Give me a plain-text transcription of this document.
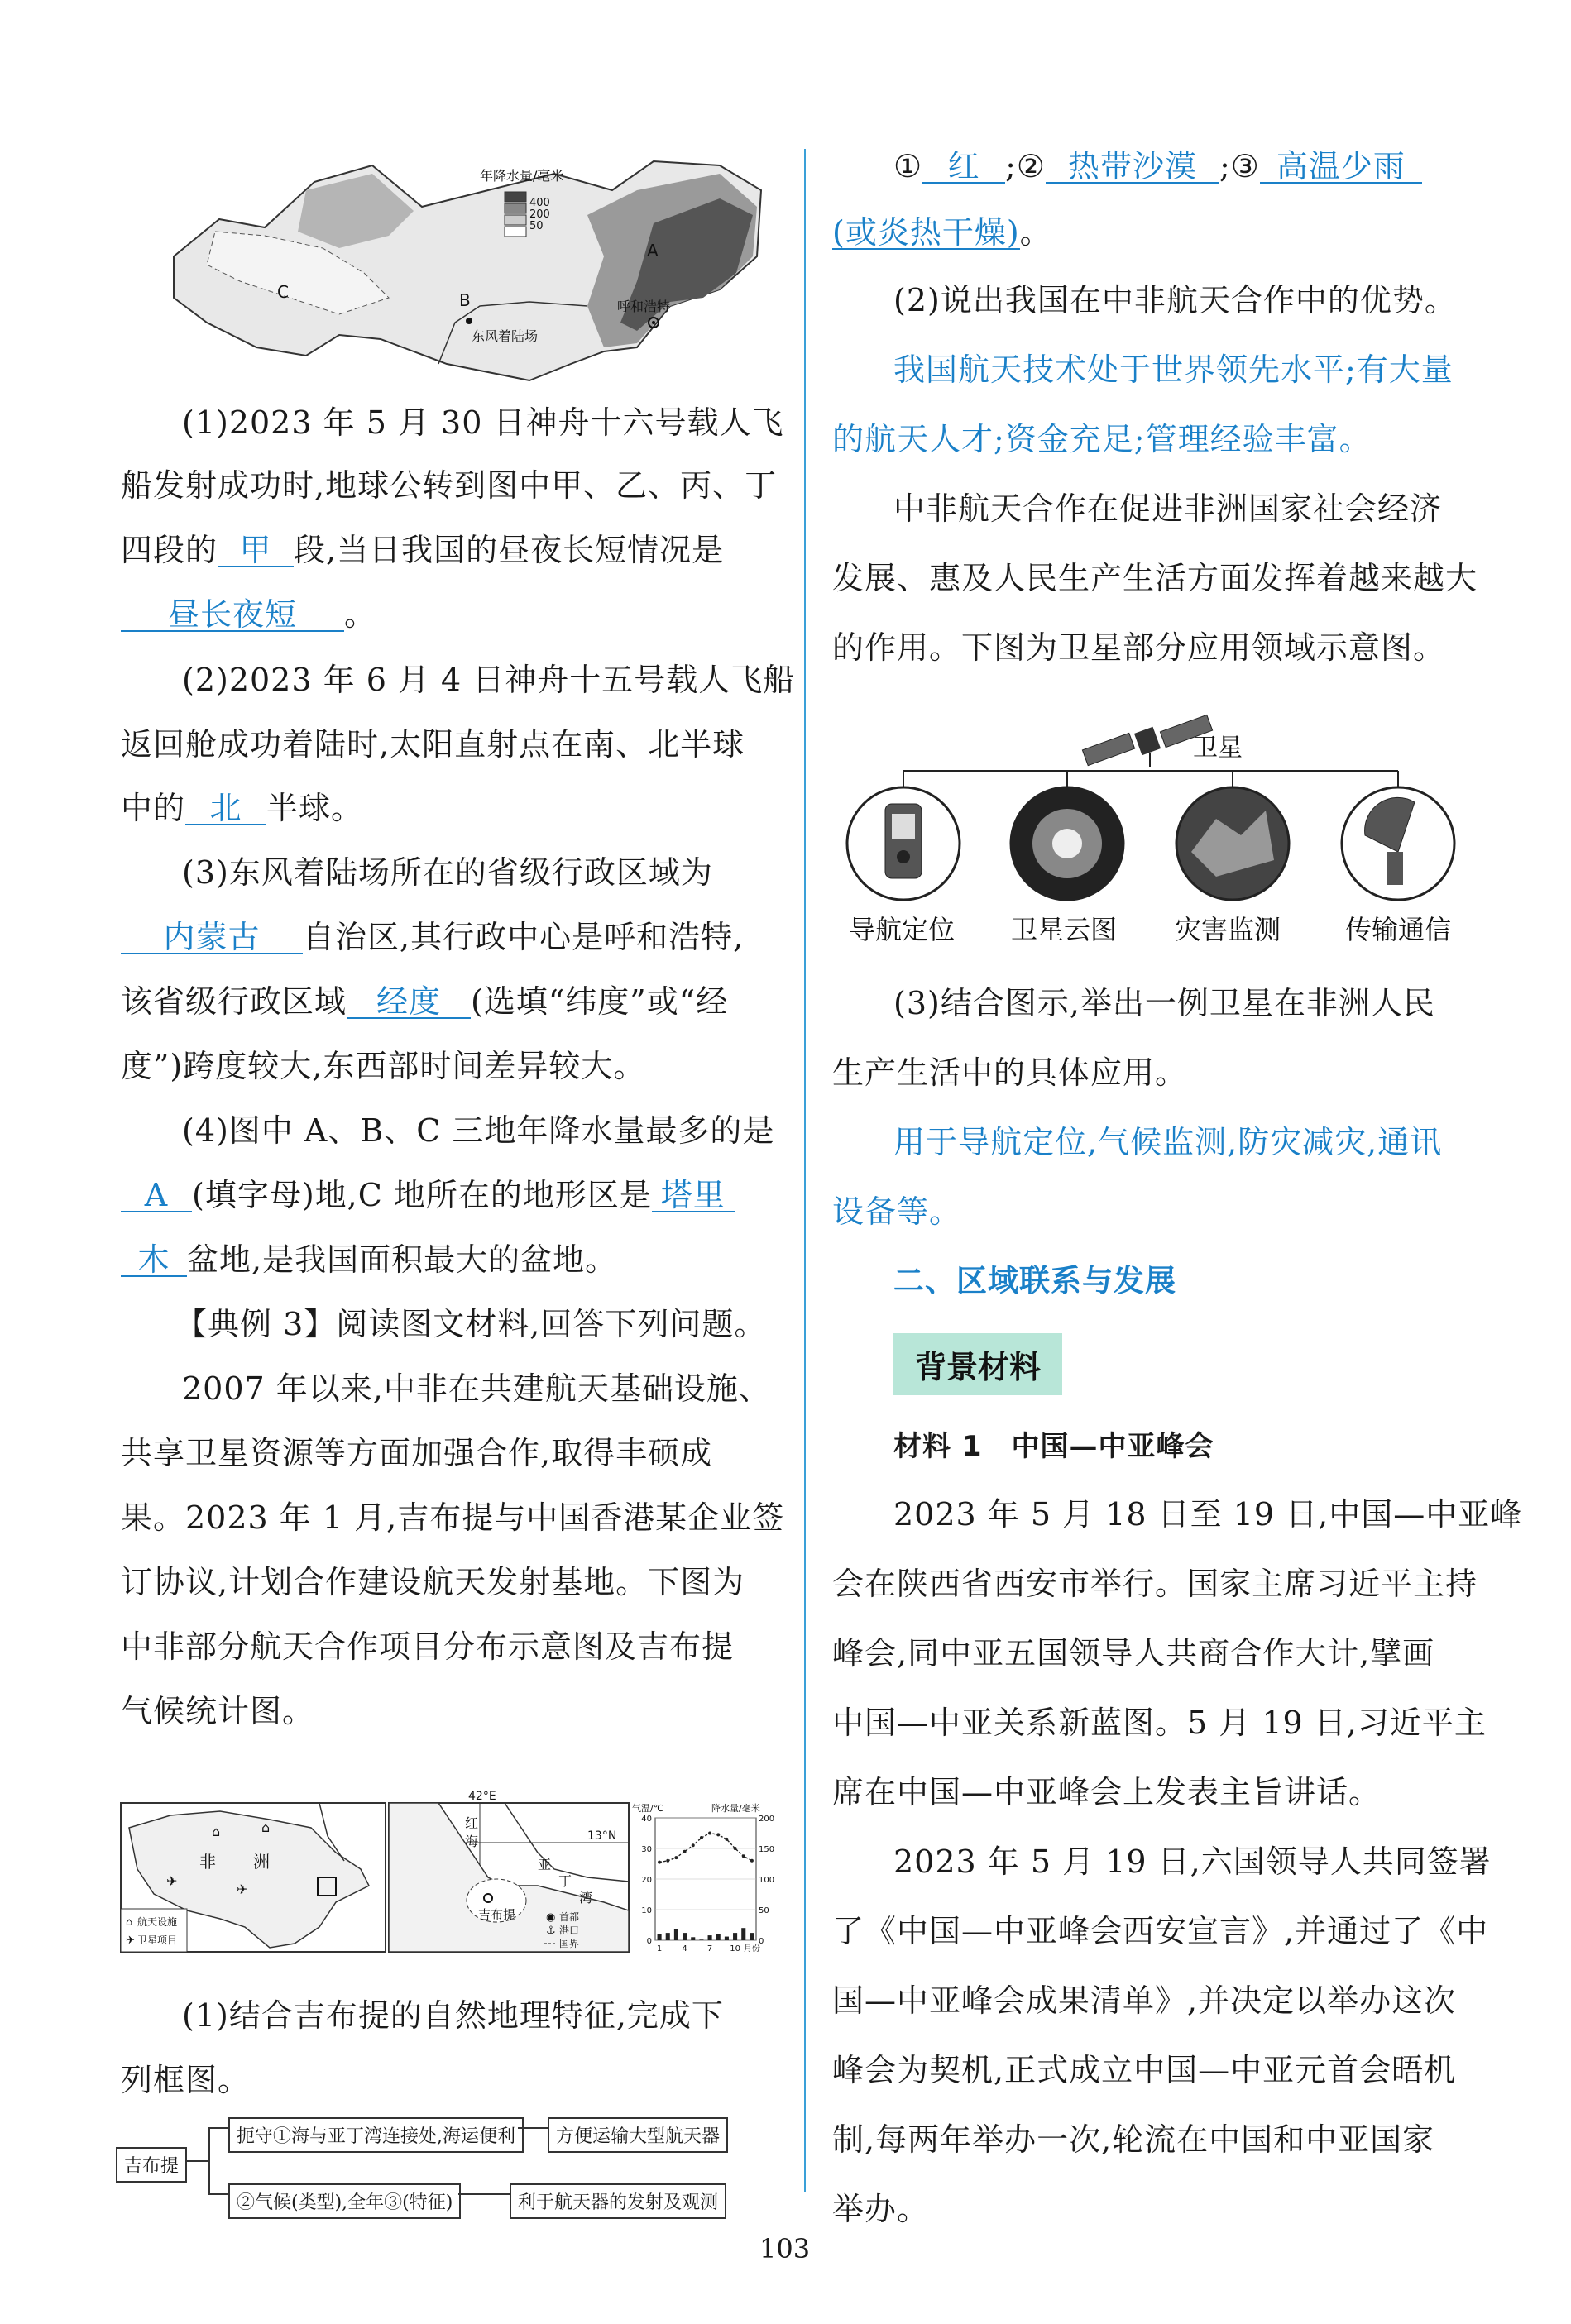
A
B
C
东风着陆场
呼和浩特
年降水量/毫米
400
200
50
(1)2023 年 5 月 30 日神舟十六号载人飞
船发射成功时,地球公转到图中甲、乙、丙、丁
四段的 甲 段,当日我国的昼夜长短情况是
昼长夜短 。
(2)2023 年 6 月 4 日神舟十五号载人飞船
返回舱成功着陆时,太阳直射点在南、北半球
中的 北 半球。
(3)东风着陆场所在的省级行政区域为
内蒙古 自治区,其行政中心是呼和浩特,
该省级行政区域 经度 (选填“纬度”或“经
度”)跨度较大,东西部时间差异较大。
(4)图中 A、B、C 三地年降水量最多的是
A (填字母)地,C 地所在的地形区是 塔里
木 盆地,是我国面积最大的盆地。
【典例 3】阅读图文材料,回答下列问题。
2007 年以来,中非在共建航天基础设施、
共享卫星资源等方面加强合作,取得丰硕成
果。2023 年 1 月,吉布提与中国香港某企业签
订协议,计划合作建设航天发射基地。下图为
中非部分航天合作项目分布示意图及吉布提
气候统计图。
非 洲
⌂	⌂
✈
✈
⌂ 航天设施
✈ 卫星项目
42°E
13°N
红
海
亚
丁
湾
吉布提	◉ 首都
⚓ 港口
国界
气温/℃	降水量/毫米
40
30
20
10
0
200
150
100
50
0
1 4 7 10 月份
(1)结合吉布提的自然地理特征,完成下
列框图。
吉布提
扼守①海与亚丁湾连接处,海运便利	方便运输大型航天器
②气候(类型),全年③(特征)	利于航天器的发射及观测
① 红 ;② 热带沙漠 ;③ 高温少雨
(或炎热干燥)。
(2)说出我国在中非航天合作中的优势。
我国航天技术处于世界领先水平;有大量
的航天人才;资金充足;管理经验丰富。
中非航天合作在促进非洲国家社会经济
发展、惠及人民生产生活方面发挥着越来越大
的作用。下图为卫星部分应用领域示意图。
卫星
导航定位 卫星云图 灾害监测 传输通信
(3)结合图示,举出一例卫星在非洲人民
生产生活中的具体应用。
用于导航定位,气候监测,防灾减灾,通讯
设备等。
二、区域联系与发展
背景材料
材料 1　中国—中亚峰会
2023 年 5 月 18 日至 19 日,中国—中亚峰
会在陕西省西安市举行。国家主席习近平主持
峰会,同中亚五国领导人共商合作大计,擘画
中国—中亚关系新蓝图。5 月 19 日,习近平主
席在中国—中亚峰会上发表主旨讲话。
2023 年 5 月 19 日,六国领导人共同签署
了《中国—中亚峰会西安宣言》,并通过了《中
国—中亚峰会成果清单》,并决定以举办这次
峰会为契机,正式成立中国—中亚元首会晤机
制,每两年举办一次,轮流在中国和中亚国家
举办。
103
